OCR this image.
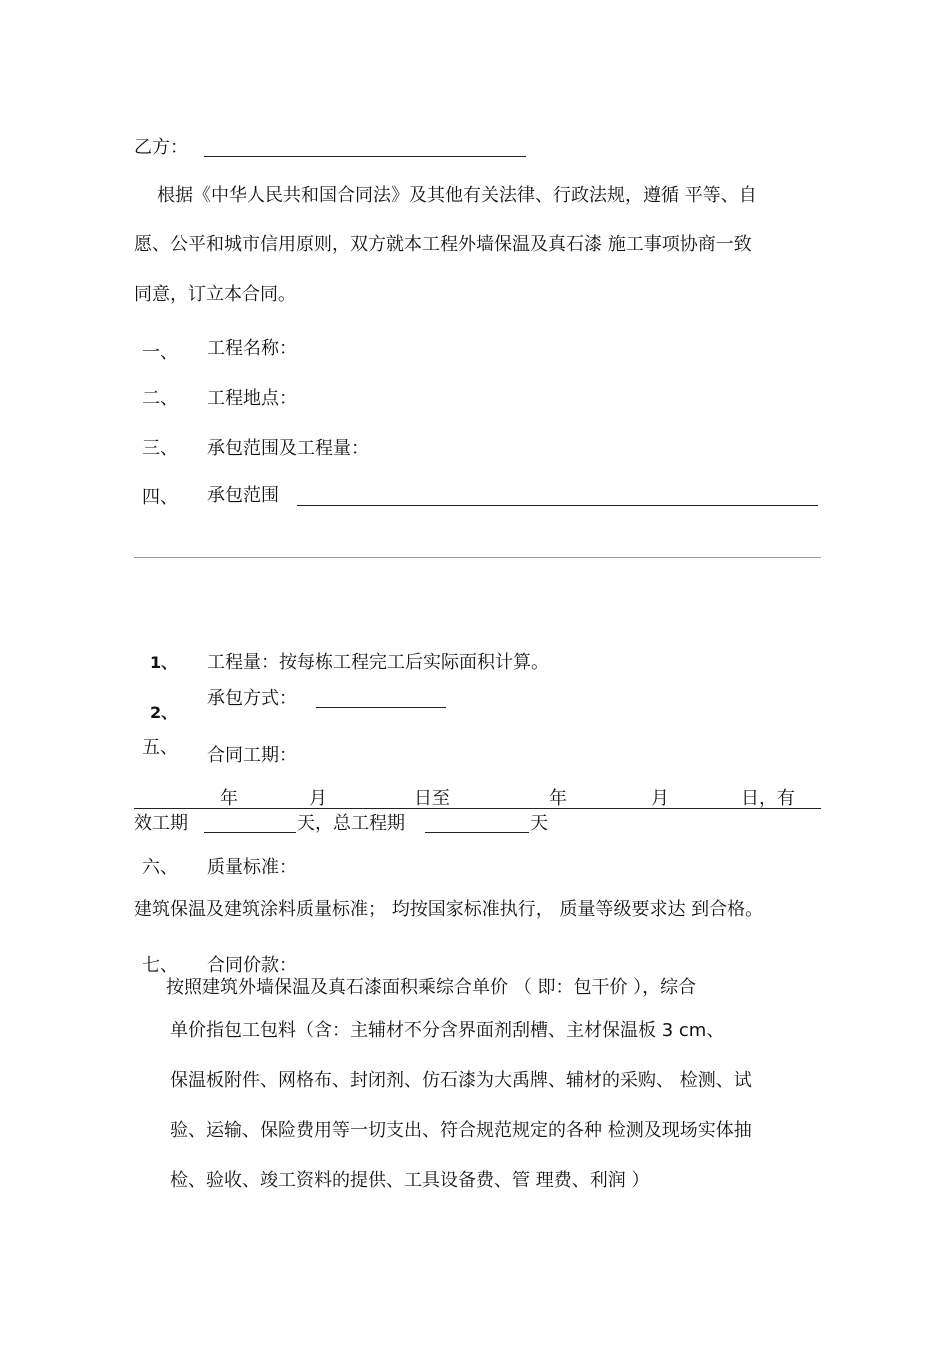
乙方：
根据《中华人民共和国合同法》及其他有关法律、行政法规，遵循 平等、自
愿、公平和城市信用原则，双方就本工程外墙保温及真石漆 施工事项协商一致
同意，订立本合同。
一、 工程名称：
二、 工程地点：
三、 承包范围及工程量：
四、 承包范围
1、 工程量：按每栋工程完工后实际面积计算。
承包方式：
2、
五、 合同工期：
年	月	日至	年	月	日，有
效工期	天，总工程期	天
六、 质量标准：
建筑保温及建筑涂料质量标准； 均按国家标准执行， 质量等级要求达 到合格。
七、 合同价款：
按照建筑外墙保温及真石漆面积乘综合单价 （ 即：包干价 ），综合
单价指包工包料（含：主辅材不分含界面剂刮槽、主材保温板 3 cm、
保温板附件、网格布、封闭剂、仿石漆为大禹牌、辅材的采购、 检测、试
验、运输、保险费用等一切支出、符合规范规定的各种 检测及现场实体抽
检、验收、竣工资料的提供、工具设备费、管 理费、利润 ）
